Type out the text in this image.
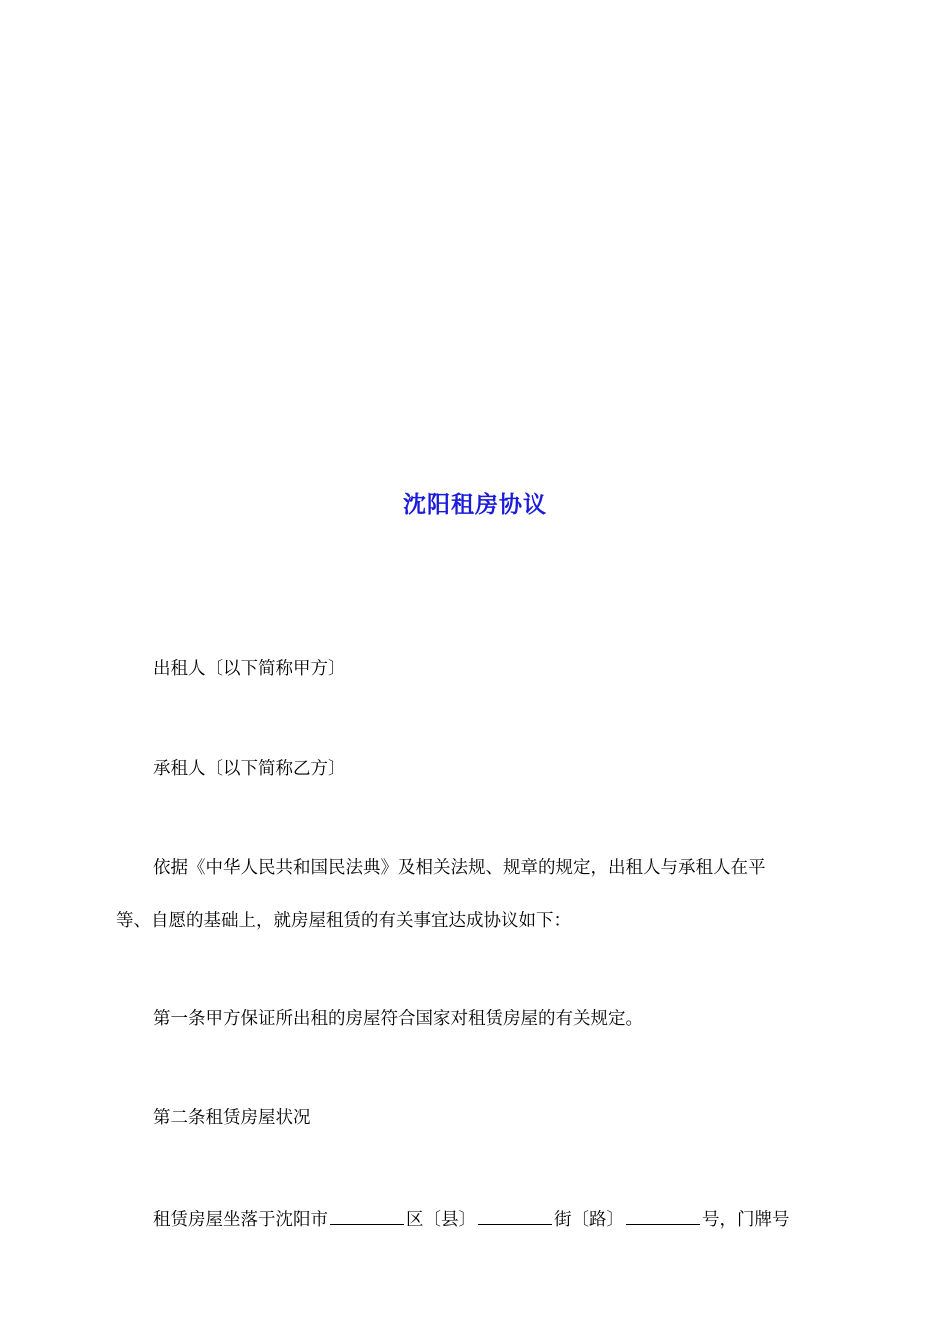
沈阳租房协议
出租人〔以下简称甲方〕
承租人〔以下简称乙方〕
依据《中华人民共和国民法典》及相关法规、规章的规定，出租人与承租人在平
等、自愿的基础上，就房屋租赁的有关事宜达成协议如下：
第一条甲方保证所出租的房屋符合国家对租赁房屋的有关规定。
第二条租赁房屋状况
租赁房屋坐落于沈阳市	区〔县〕	街〔路〕	号，门牌号
